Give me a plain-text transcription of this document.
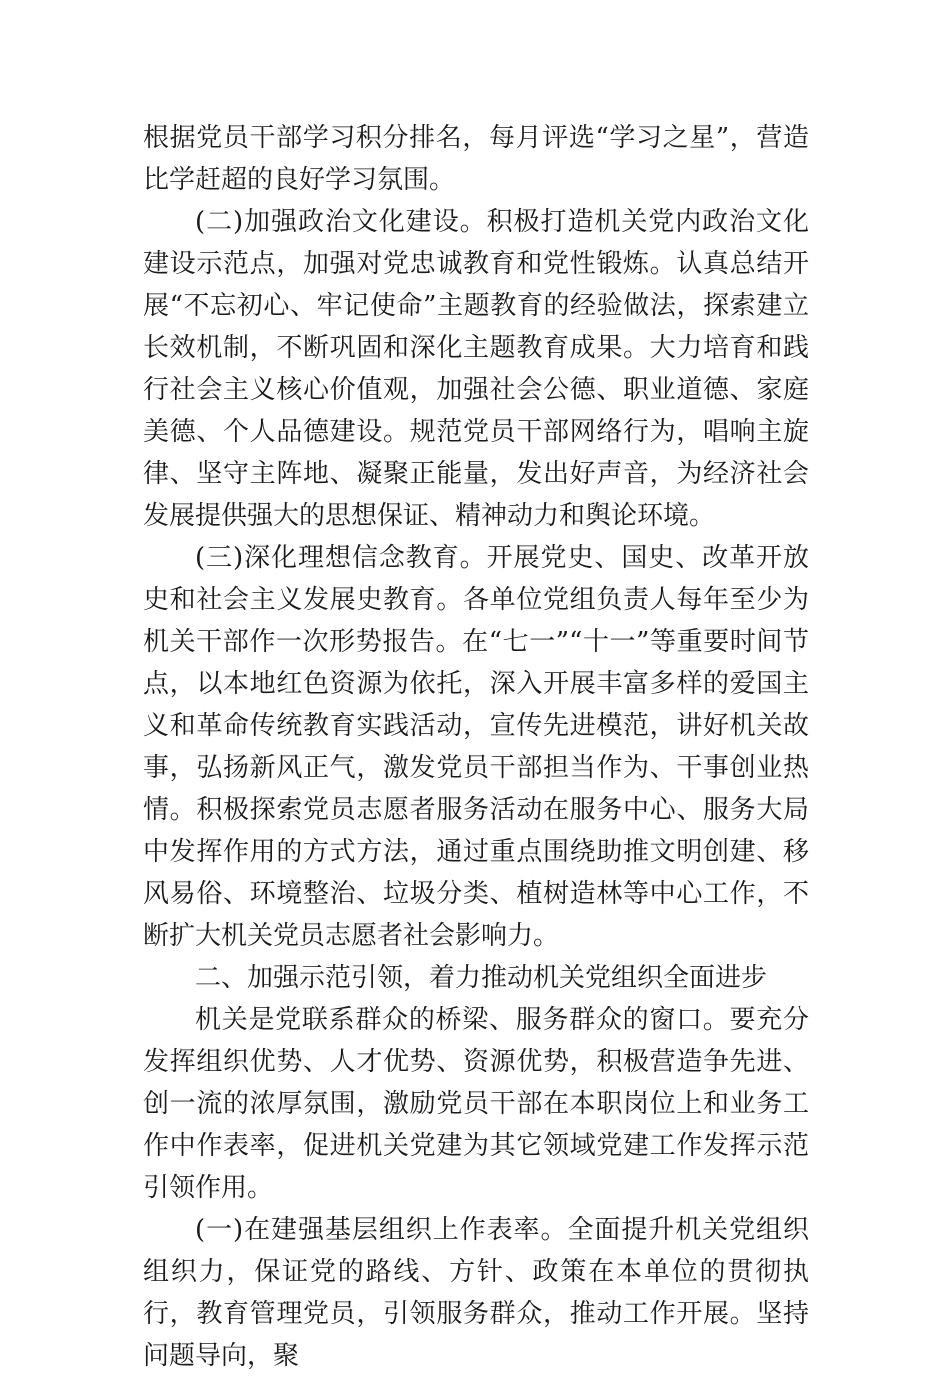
根据党员干部学习积分排名，每月评选“学习之星”，营造比学赶超的良好学习氛围。

(二)加强政治文化建设。积极打造机关党内政治文化建设示范点，加强对党忠诚教育和党性锻炼。认真总结开展“不忘初心、牢记使命”主题教育的经验做法，探索建立长效机制，不断巩固和深化主题教育成果。大力培育和践行社会主义核心价值观，加强社会公德、职业道德、家庭美德、个人品德建设。规范党员干部网络行为，唱响主旋律、坚守主阵地、凝聚正能量，发出好声音，为经济社会发展提供强大的思想保证、精神动力和舆论环境。

(三)深化理想信念教育。开展党史、国史、改革开放史和社会主义发展史教育。各单位党组负责人每年至少为机关干部作一次形势报告。在“七一”“十一”等重要时间节点，以本地红色资源为依托，深入开展丰富多样的爱国主义和革命传统教育实践活动，宣传先进模范，讲好机关故事，弘扬新风正气，激发党员干部担当作为、干事创业热情。积极探索党员志愿者服务活动在服务中心、服务大局中发挥作用的方式方法，通过重点围绕助推文明创建、移风易俗、环境整治、垃圾分类、植树造林等中心工作，不断扩大机关党员志愿者社会影响力。

二、加强示范引领，着力推动机关党组织全面进步

机关是党联系群众的桥梁、服务群众的窗口。要充分发挥组织优势、人才优势、资源优势，积极营造争先进、创一流的浓厚氛围，激励党员干部在本职岗位上和业务工作中作表率，促进机关党建为其它领域党建工作发挥示范引领作用。

(一)在建强基层组织上作表率。全面提升机关党组织组织力，保证党的路线、方针、政策在本单位的贯彻执行，教育管理党员，引领服务群众，推动工作开展。坚持问题导向，聚
